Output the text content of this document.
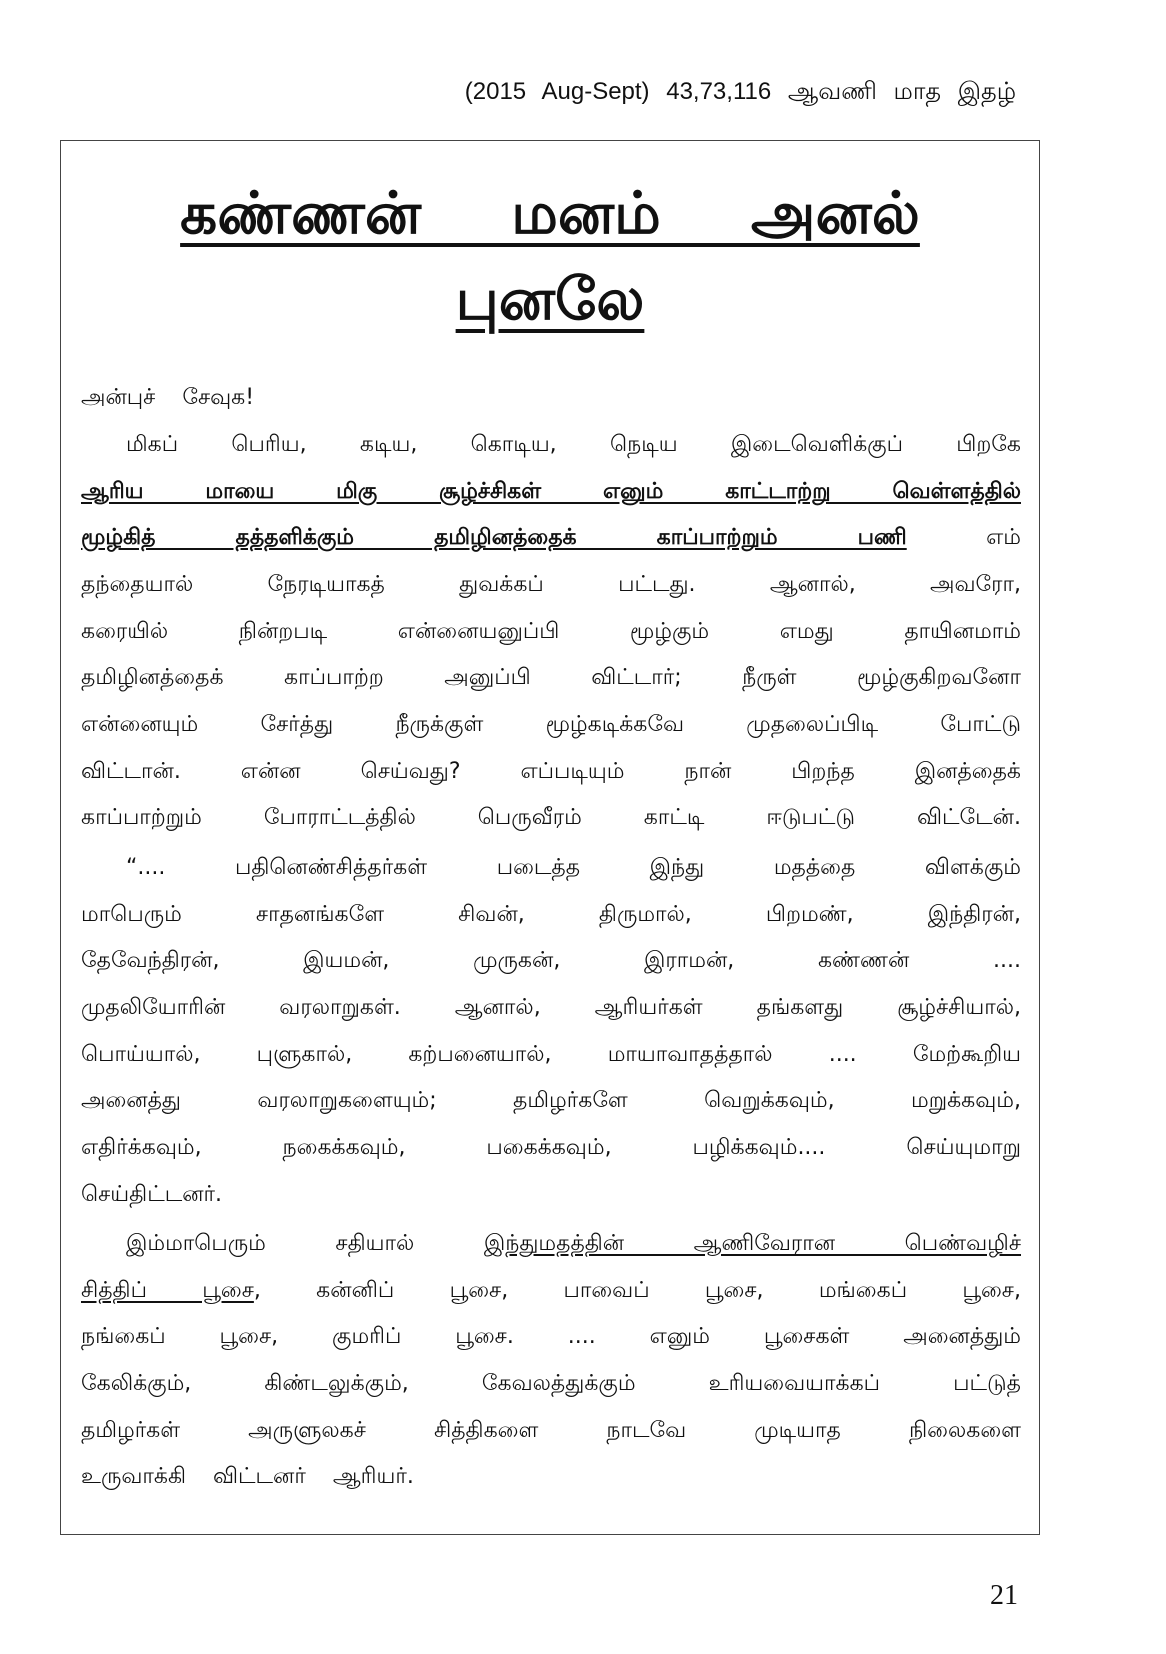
(2015 Aug-Sept) 43,73,116 ஆவணி மாத இதழ்
கண்ணன் மனம் அனல்
புனலே
அன்புச் சேவுக!
மிகப் பெரிய, கடிய, கொடிய, நெடிய இடைவெளிக்குப் பிறகே
ஆரிய மாயை மிகு சூழ்ச்சிகள் எனும் காட்டாற்று வெள்ளத்தில்
மூழ்கித் தத்தளிக்கும் தமிழினத்தைக் காப்பாற்றும் பணி	எம்
தந்தையால் நேரடியாகத் துவக்கப் பட்டது. ஆனால், அவரோ,
கரையில் நின்றபடி என்னையனுப்பி மூழ்கும் எமது தாயினமாம்
தமிழினத்தைக் காப்பாற்ற அனுப்பி விட்டார்; நீருள் மூழ்குகிறவனோ
என்னையும் சேர்த்து நீருக்குள் மூழ்கடிக்கவே முதலைப்பிடி போட்டு
விட்டான். என்ன செய்வது? எப்படியும் நான் பிறந்த இனத்தைக்
காப்பாற்றும் போராட்டத்தில் பெருவீரம் காட்டி ஈடுபட்டு விட்டேன்.
“.... பதினெண்சித்தர்கள் படைத்த இந்து மதத்தை விளக்கும்
மாபெரும் சாதனங்களே சிவன், திருமால், பிறமண், இந்திரன்,
தேவேந்திரன், இயமன், முருகன், இராமன், கண்ணன் ....
முதலியோரின் வரலாறுகள். ஆனால், ஆரியர்கள் தங்களது சூழ்ச்சியால்,
பொய்யால், புளுகால், கற்பனையால், மாயாவாதத்தால் .... மேற்கூறிய
அனைத்து வரலாறுகளையும்; தமிழர்களே வெறுக்கவும், மறுக்கவும்,
எதிர்க்கவும், நகைக்கவும், பகைக்கவும், பழிக்கவும்.... செய்யுமாறு
செய்திட்டனர்.
இம்மாபெரும் சதியால்	இந்துமதத்தின் ஆணிவேரான பெண்வழிச்
சித்திப் பூசை, கன்னிப் பூசை, பாவைப் பூசை, மங்கைப் பூசை,
நங்கைப் பூசை, குமரிப் பூசை. .... எனும் பூசைகள் அனைத்தும்
கேலிக்கும், கிண்டலுக்கும், கேவலத்துக்கும் உரியவையாக்கப் பட்டுத்
தமிழர்கள் அருளுலகச் சித்திகளை நாடவே முடியாத நிலைகளை
உருவாக்கி விட்டனர் ஆரியர்.
21
